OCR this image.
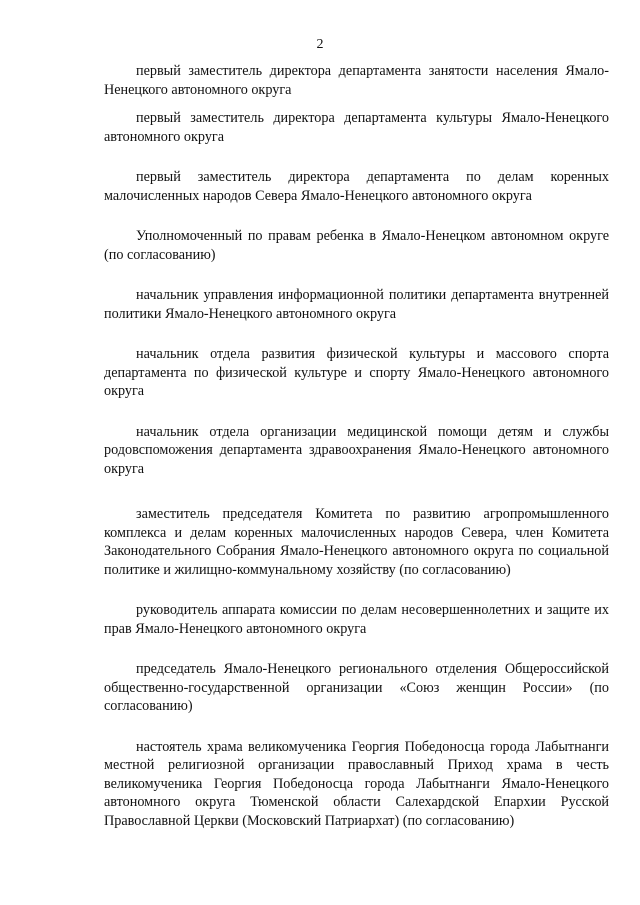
2

первый заместитель директора департамента занятости населения Ямало-Ненецкого автономного округа

первый заместитель директора департамента культуры Ямало-Ненецкого автономного округа

первый заместитель директора департамента по делам коренных малочисленных народов Севера Ямало-Ненецкого автономного округа

Уполномоченный по правам ребенка в Ямало-Ненецком автономном округе (по согласованию)

начальник управления информационной политики департамента внутренней политики Ямало-Ненецкого автономного округа

начальник отдела развития физической культуры и массового спорта департамента по физической культуре и спорту Ямало-Ненецкого автономного округа

начальник отдела организации медицинской помощи детям и службы родовспоможения департамента здравоохранения Ямало-Ненецкого автономного округа

заместитель председателя Комитета по развитию агропромышленного комплекса и делам коренных малочисленных народов Севера, член Комитета Законодательного Собрания Ямало-Ненецкого автономного округа по социальной политике и жилищно-коммунальному хозяйству (по согласованию)

руководитель аппарата комиссии по делам несовершеннолетних и защите их прав Ямало-Ненецкого автономного округа

председатель Ямало-Ненецкого регионального отделения Общероссийской общественно-государственной организации «Союз женщин России» (по согласованию)

настоятель храма великомученика Георгия Победоносца города Лабытнанги местной религиозной организации православный Приход храма в честь великомученика Георгия Победоносца города Лабытнанги Ямало-Ненецкого автономного округа Тюменской области Салехардской Епархии Русской Православной Церкви (Московский Патриархат) (по согласованию)
